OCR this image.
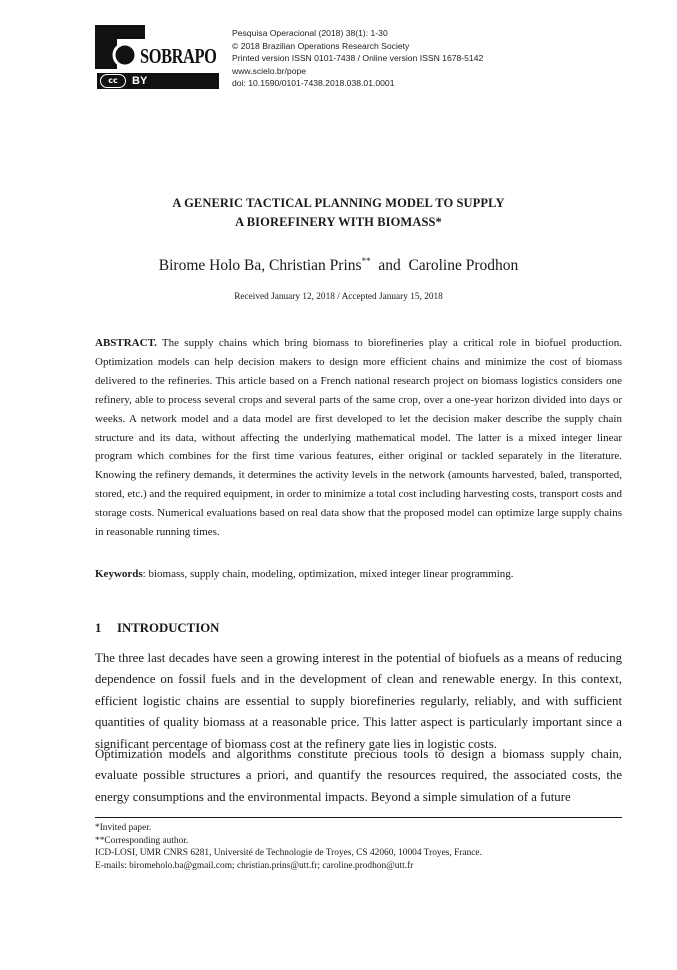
SOBRAPO
cc	BY
Pesquisa Operacional (2018) 38(1): 1-30
© 2018 Brazilian Operations Research Society
Printed version ISSN 0101-7438 / Online version ISSN 1678-5142
www.scielo.br/pope
doi: 10.1590/0101-7438.2018.038.01.0001
A GENERIC TACTICAL PLANNING MODEL TO SUPPLY
A BIOREFINERY WITH BIOMASS*
Birome Holo Ba, Christian Prins** and Caroline Prodhon
Received January 12, 2018 / Accepted January 15, 2018
ABSTRACT. The supply chains which bring biomass to biorefineries play a critical role in biofuel production. Optimization models can help decision makers to design more efficient chains and minimize the cost of biomass delivered to the refineries. This article based on a French national research project on biomass logistics considers one refinery, able to process several crops and several parts of the same crop, over a one-year horizon divided into days or weeks. A network model and a data model are first developed to let the decision maker describe the supply chain structure and its data, without affecting the underlying mathematical model. The latter is a mixed integer linear program which combines for the first time various features, either original or tackled separately in the literature. Knowing the refinery demands, it determines the activity levels in the network (amounts harvested, baled, transported, stored, etc.) and the required equipment, in order to minimize a total cost including harvesting costs, transport costs and storage costs. Numerical evaluations based on real data show that the proposed model can optimize large supply chains in reasonable running times.
Keywords: biomass, supply chain, modeling, optimization, mixed integer linear programming.
1 INTRODUCTION
The three last decades have seen a growing interest in the potential of biofuels as a means of reducing dependence on fossil fuels and in the development of clean and renewable energy. In this context, efficient logistic chains are essential to supply biorefineries regularly, reliably, and with sufficient quantities of quality biomass at a reasonable price. This latter aspect is particularly important since a significant percentage of biomass cost at the refinery gate lies in logistic costs.
Optimization models and algorithms constitute precious tools to design a biomass supply chain, evaluate possible structures a priori, and quantify the resources required, the associated costs, the energy consumptions and the environmental impacts. Beyond a simple simulation of a future
*Invited paper.
**Corresponding author.
ICD-LOSI, UMR CNRS 6281, Université de Technologie de Troyes, CS 42060, 10004 Troyes, France.
E-mails: biromeholo.ba@gmail.com; christian.prins@utt.fr; caroline.prodhon@utt.fr
